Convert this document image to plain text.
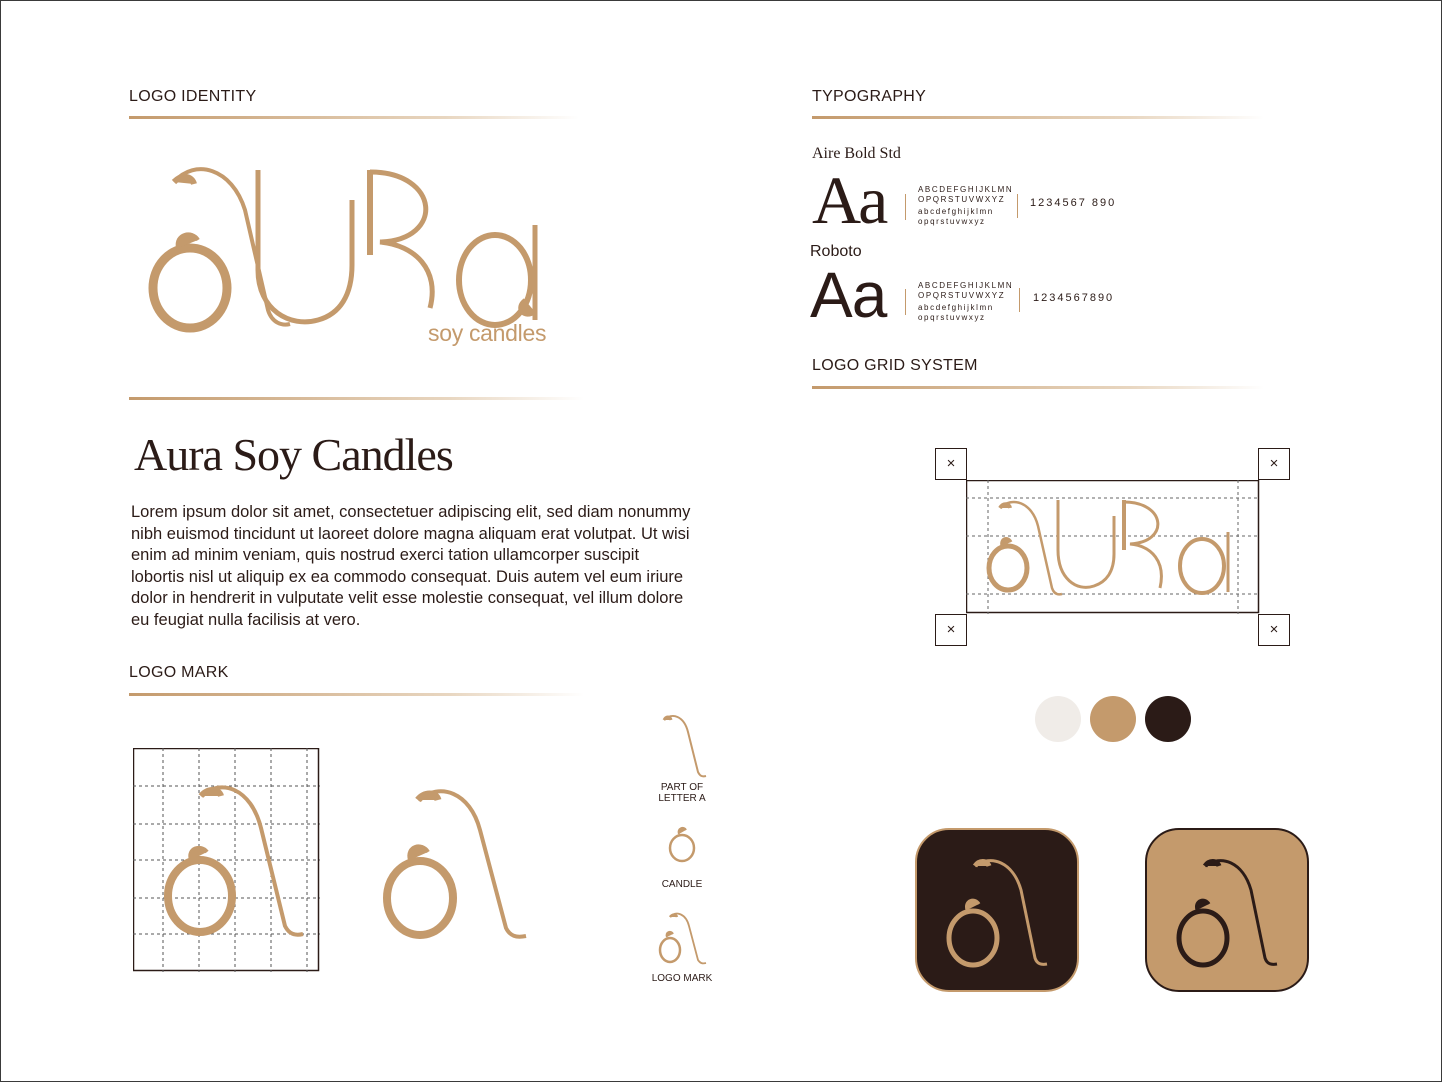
LOGO IDENTITY
soy candles
Aura Soy Candles
Lorem ipsum dolor sit amet, consectetuer adipiscing elit, sed diam nonummy nibh euismod tincidunt ut laoreet dolore magna aliquam erat volutpat. Ut wisi enim ad minim veniam, quis nostrud exerci tation ullamcorper suscipit lobortis nisl ut aliquip ex ea commodo consequat. Duis autem vel eum iriure dolor in hendrerit in vulputate velit esse molestie consequat, vel illum dolore eu feugiat nulla facilisis at vero.
LOGO MARK
PART OF
LETTER A
CANDLE
LOGO MARK
TYPOGRAPHY
Aire Bold Std
Aa	ABCDEFGHIJKLMN
OPQRSTUVWXYZ
abcdefghijklmn
opqrstuvwxyz
1234567 890
Roboto
Aa	ABCDEFGHIJKLMN
OPQRSTUVWXYZ
abcdefghijklmn
opqrstuvwxyz
1234567890
LOGO GRID SYSTEM
×	×
×	×
